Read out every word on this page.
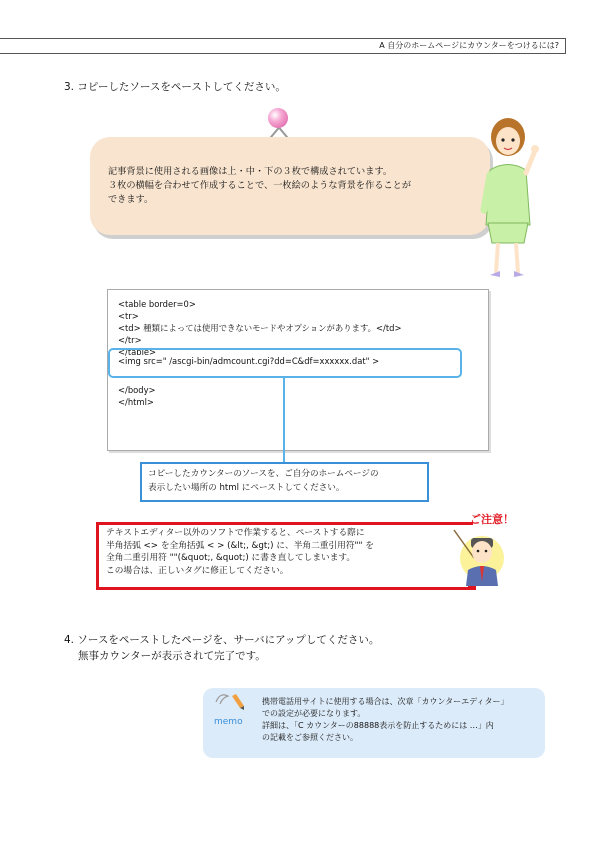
A 自分のホームページにカウンターをつけるには?
3. コピーしたソースをペーストしてください。
記事背景に使用される画像は上・中・下の３枚で構成されています。
３枚の横幅を合わせて作成することで、一枚絵のような背景を作ることが
できます。
<table border=0>
<tr>
<td> 種類によっては使用できないモードやオプションがあります。</td>
</tr>
</table>
<img src=" /ascgi-bin/admcount.cgi?dd=C&df=xxxxxx.dat" >
</body>
</html>
コピーしたカウンターのソースを、ご自分のホームページの
表示したい場所の html にペーストしてください。
ご注意！
テキストエディター以外のソフトで作業すると、ペーストする際に
半角括弧 <> を全角括弧 < > (&lt;, &gt;) に、半角二重引用符"" を
全角二重引用符 ""(&quot;, &quot;) に書き直してしまいます。
この場合は、正しいタグに修正してください。
4. ソースをペーストしたページを、サーバにアップしてください。
無事カウンターが表示されて完了です。
memo
携帯電話用サイトに使用する場合は、次章「カウンターエディター」
での設定が必要になります。
詳細は、「C カウンターの88888表示を防止するためには …」内
の記載をご参照ください。
